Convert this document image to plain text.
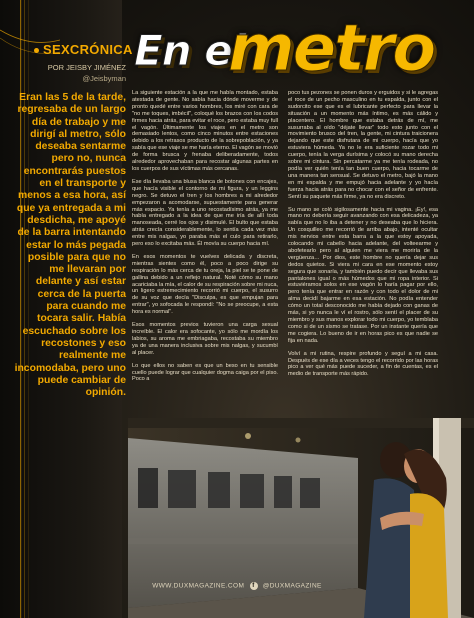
SEXCRÓNICA
POR JEISBY JIMÉNEZ
@Jeisbyman
Eran las 5 de la tarde, regresaba de un largo día de trabajo y me dirigí al metro, sólo deseaba sentarme pero no, nunca encontrarás puestos en el transporte y menos a esa hora, así que ya entregada a mi desdicha, me apoyé de la barra intentando estar lo más pegada posible para que no me llevaran por delante y así estar cerca de la puerta para cuando me tocara salir. Había escuchado sobre los recostones y eso realmente me incomodaba, pero uno puede cambiar de opinión.
En el
metro

La siguiente estación a la que me había montado, estaba atestada de gente. No sabía hacia dónde moverme y de pronto quedé entre varios hombres, los miré con cara de "no me toques, imbécil", coloqué los brazos con los codos firmes hacia atrás, para evitar el roce, pero estaba muy full el vagón. Últimamente los viajes en el metro son demasiado lentos, como cinco minutos entre estaciones debido a los retrasos producto de la sobrepoblación, y ya sabía que ese viaje se me haría eterno. El vagón se movió de forma brusca y frenaba deliberadamente, todos alrededor aprovechaban para recostar algunas partes en los cuerpos de sus víctimas más cercanas.

Ese día llevaba una blusa blanca de botones con encajes, que hacía visible el contorno de mi figura, y un leggins negro. Se detuvo el tren y los hombres a mi alrededor empezaron a acomodarse, supuestamente para generar más espacio. Ya tenía a uno recostadísimo atrás, ya me había entregado a la idea de que me iría de allí toda manoseada, cerré los ojos y disimulé. El bulto que estaba atrás crecía considerablemente, lo sentía cada vez más entre mis nalgas, yo paraba más el culo para retirarlo, pero eso lo excitaba más. Él movía su cuerpo hacia mí.

En esos momentos te vuelves delicada y discreta, mientras sientes como él, poco a poco dirige su respiración lo más cerca de tu oreja, la piel se te pone de gallina debido a un reflejo natural. Noté cómo su mano acariciaba la mía, el calor de su respiración sobre mi nuca, un ligero estremecimiento recorrió mi cuerpo, el susurro de su voz que decía "Disculpa, es que empujan para entrar", yo sofocada le respondí: "No se preocupe, a esta hora es normal".

Esos momentos previos tuvieron una carga sexual increíble. El calor era sofocante, yo sólo me mordía los labios, su aroma me embriagaba, recostaba su miembro ya de una manera inclusiva sobre mis nalgas, y sucumbí al placer.

Lo que ellos no saben es que un beso en tu sensible cuello puede lograr que cualquier dogma caiga por el piso. Poco a

poco tus pezones se ponen duros y erguidos y si le agregas el roce de un pecho masculino en tu espalda, junto con el sudorcito ese que es el lubricante perfecto para llevar la situación a un momento más íntimo, es más cálido y placentero. El hombre que estaba detrás de mí, me susurraba al oído "déjate llevar" todo esto junto con el movimiento brusco del tren, la gente, mi cintura traicionera dejando que este disfrutara de mi cuerpo, hacía que yo estuviera húmeda. Ya no le era suficiente rozar todo mi cuerpo, tenía la verga durísima y colocó su mano derecha sobre mi cintura. Sin percatarme ya me tenía rodeada, no podía ver quién tenía tan buen cuerpo, hacia tocarme de una manera tan sensual. Se detuvo el metro, bajó la mano en mi espalda y me empujó hacia adelante y yo hacía fuerza hacia atrás para no chocar con el señor de enfrente. Sentí su paquete más firme, ya no era discreto.

Su mano se coló sigilosamente hacia mi vagina. ¡Ey!, esa mano no debería seguir avanzando con esa delicadeza, ya sabía que no lo iba a detener y no deseaba que lo hiciera. Un cosquilleo me recorrió de arriba abajo, intenté ocultar mis nervios entre esta barra a la que estoy apoyada, colocando mi cabello hacia adelante, del volteearme y abofetearlo pero al alguien me viera me moriría de la vergüenza… Por dios, este hombre no quería dejar sus dedos quietos. Si viera mi cara en ese momento estoy segura que sonaría, y también puedo decir que llevaba sus pantalones igual o más húmedos que mi ropa interior. Si estuviéramos solos en ese vagón lo haría pagar por ello, pero tenía que entrar en razón y con todo el dolor de mi alma decidí bajarme en esa estación. No podía entender cómo un total desconocido me había dejado con ganas de más, si yo nunca le ví el rostro, sólo sentí el placer de su miembro y sus manos explorar todo mi cuerpo, yo temblaba como si de un sismo se tratase. Por un instante quería que me cogiera. Lo bueno de ir en horas pico es que nadie se fija en nada.

Volví a mi rutina, respire profundo y seguí a mi casa. Después de ese día a veces tengo el recorrido por las horas pico a ver qué más puede suceder, a fin de cuentas, es el medio de transporte más rápido.

WWW.DUXMAGAZINE.COM f @DUXMAGAZINE
